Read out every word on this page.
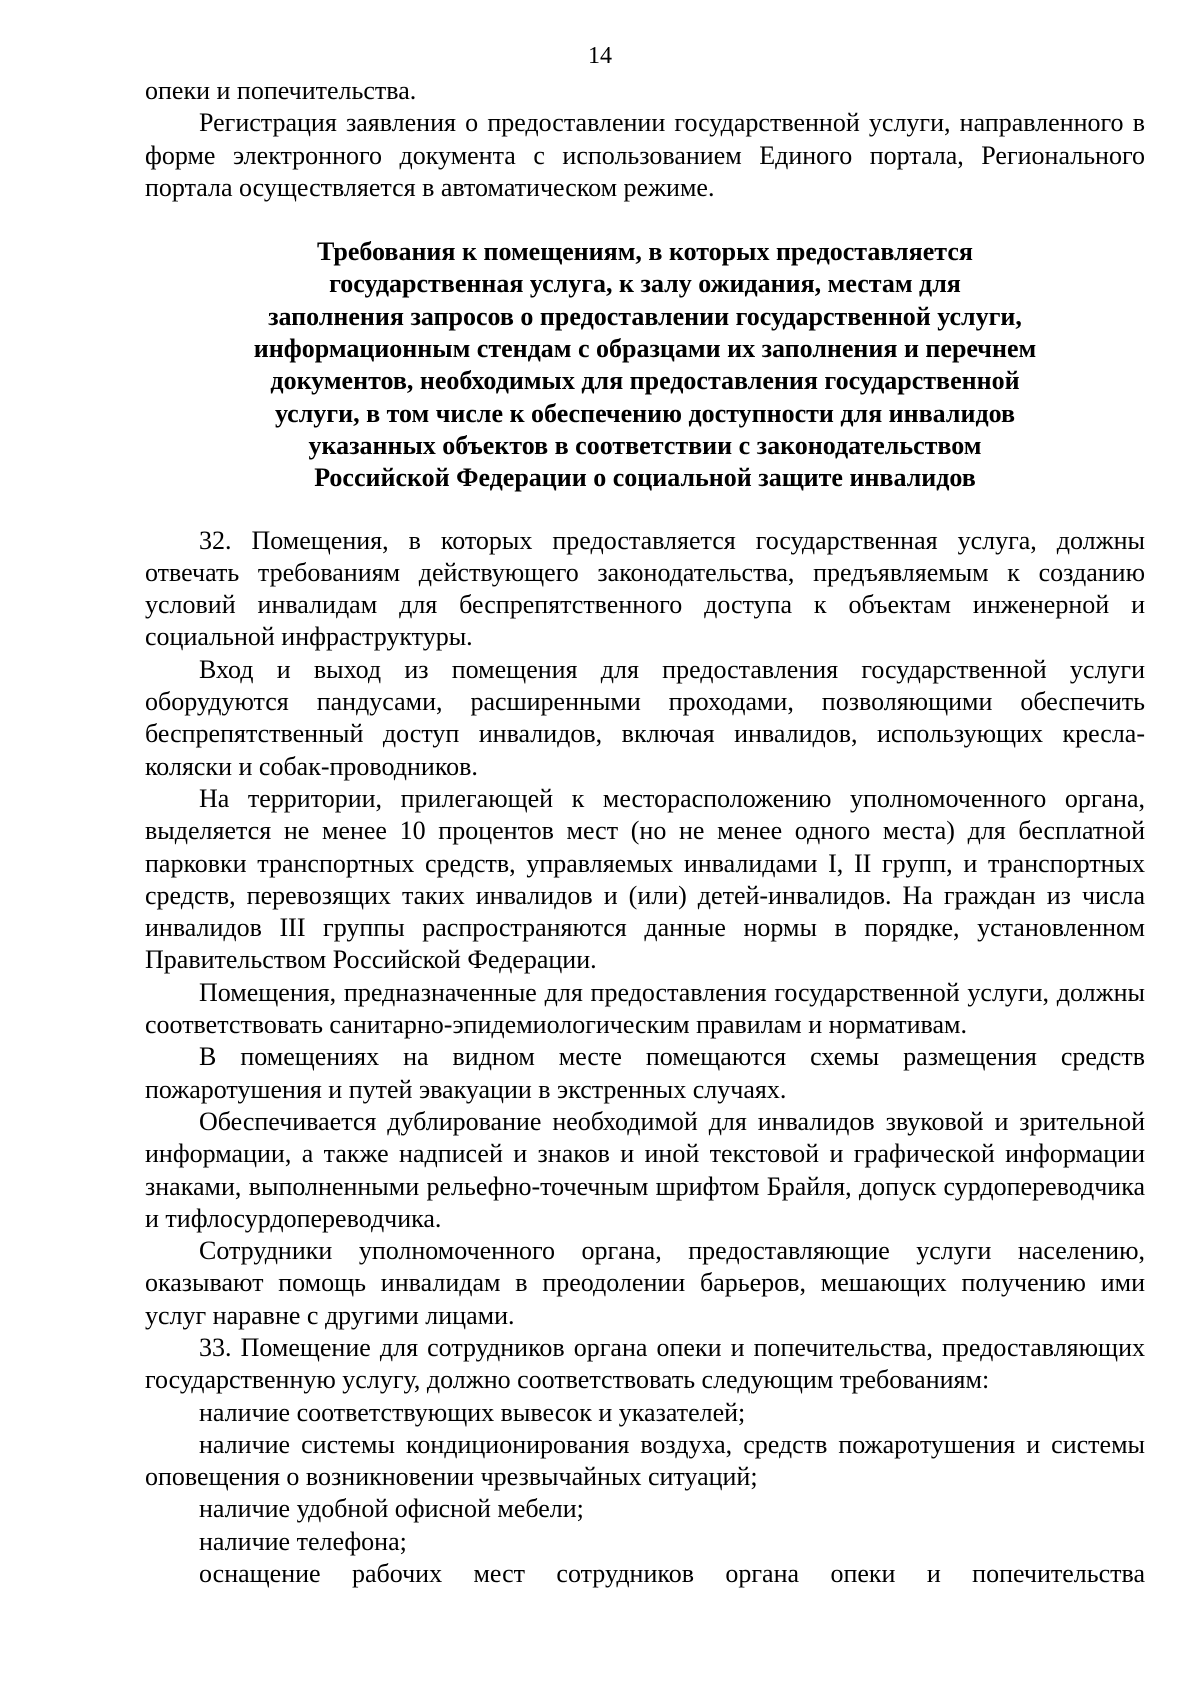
14

опеки и попечительства.

Регистрация заявления о предоставлении государственной услуги, направленного в форме электронного документа с использованием Единого портала, Регионального портала осуществляется в автоматическом режиме.

Требования к помещениям, в которых предоставляется

государственная услуга, к залу ожидания, местам для

заполнения запросов о предоставлении государственной услуги,

информационным стендам с образцами их заполнения и перечнем

документов, необходимых для предоставления государственной

услуги, в том числе к обеспечению доступности для инвалидов

указанных объектов в соответствии с законодательством

Российской Федерации о социальной защите инвалидов

32. Помещения, в которых предоставляется государственная услуга, должны отвечать требованиям действующего законодательства, предъявляемым к созданию условий инвалидам для беспрепятственного доступа к объектам инженерной и социальной инфраструктуры.

Вход и выход из помещения для предоставления государственной услуги оборудуются пандусами, расширенными проходами, позволяющими обеспечить беспрепятственный доступ инвалидов, включая инвалидов, использующих кресла-коляски и собак-проводников.

На территории, прилегающей к месторасположению уполномоченного органа, выделяется не менее 10 процентов мест (но не менее одного места) для бесплатной парковки транспортных средств, управляемых инвалидами I, II групп, и транспортных средств, перевозящих таких инвалидов и (или) детей-инвалидов. На граждан из числа инвалидов III группы распространяются данные нормы в порядке, установленном Правительством Российской Федерации.

Помещения, предназначенные для предоставления государственной услуги, должны соответствовать санитарно-эпидемиологическим правилам и нормативам.

В помещениях на видном месте помещаются схемы размещения средств пожаротушения и путей эвакуации в экстренных случаях.

Обеспечивается дублирование необходимой для инвалидов звуковой и зрительной информации, а также надписей и знаков и иной текстовой и графической информации знаками, выполненными рельефно-точечным шрифтом Брайля, допуск сурдопереводчика и тифлосурдопереводчика.

Сотрудники уполномоченного органа, предоставляющие услуги населению, оказывают помощь инвалидам в преодолении барьеров, мешающих получению ими услуг наравне с другими лицами.

33. Помещение для сотрудников органа опеки и попечительства, предоставляющих государственную услугу, должно соответствовать следующим требованиям:

наличие соответствующих вывесок и указателей;

наличие системы кондиционирования воздуха, средств пожаротушения и системы оповещения о возникновении чрезвычайных ситуаций;

наличие удобной офисной мебели;

наличие телефона;

оснащение рабочих мест сотрудников органа опеки и попечительства
